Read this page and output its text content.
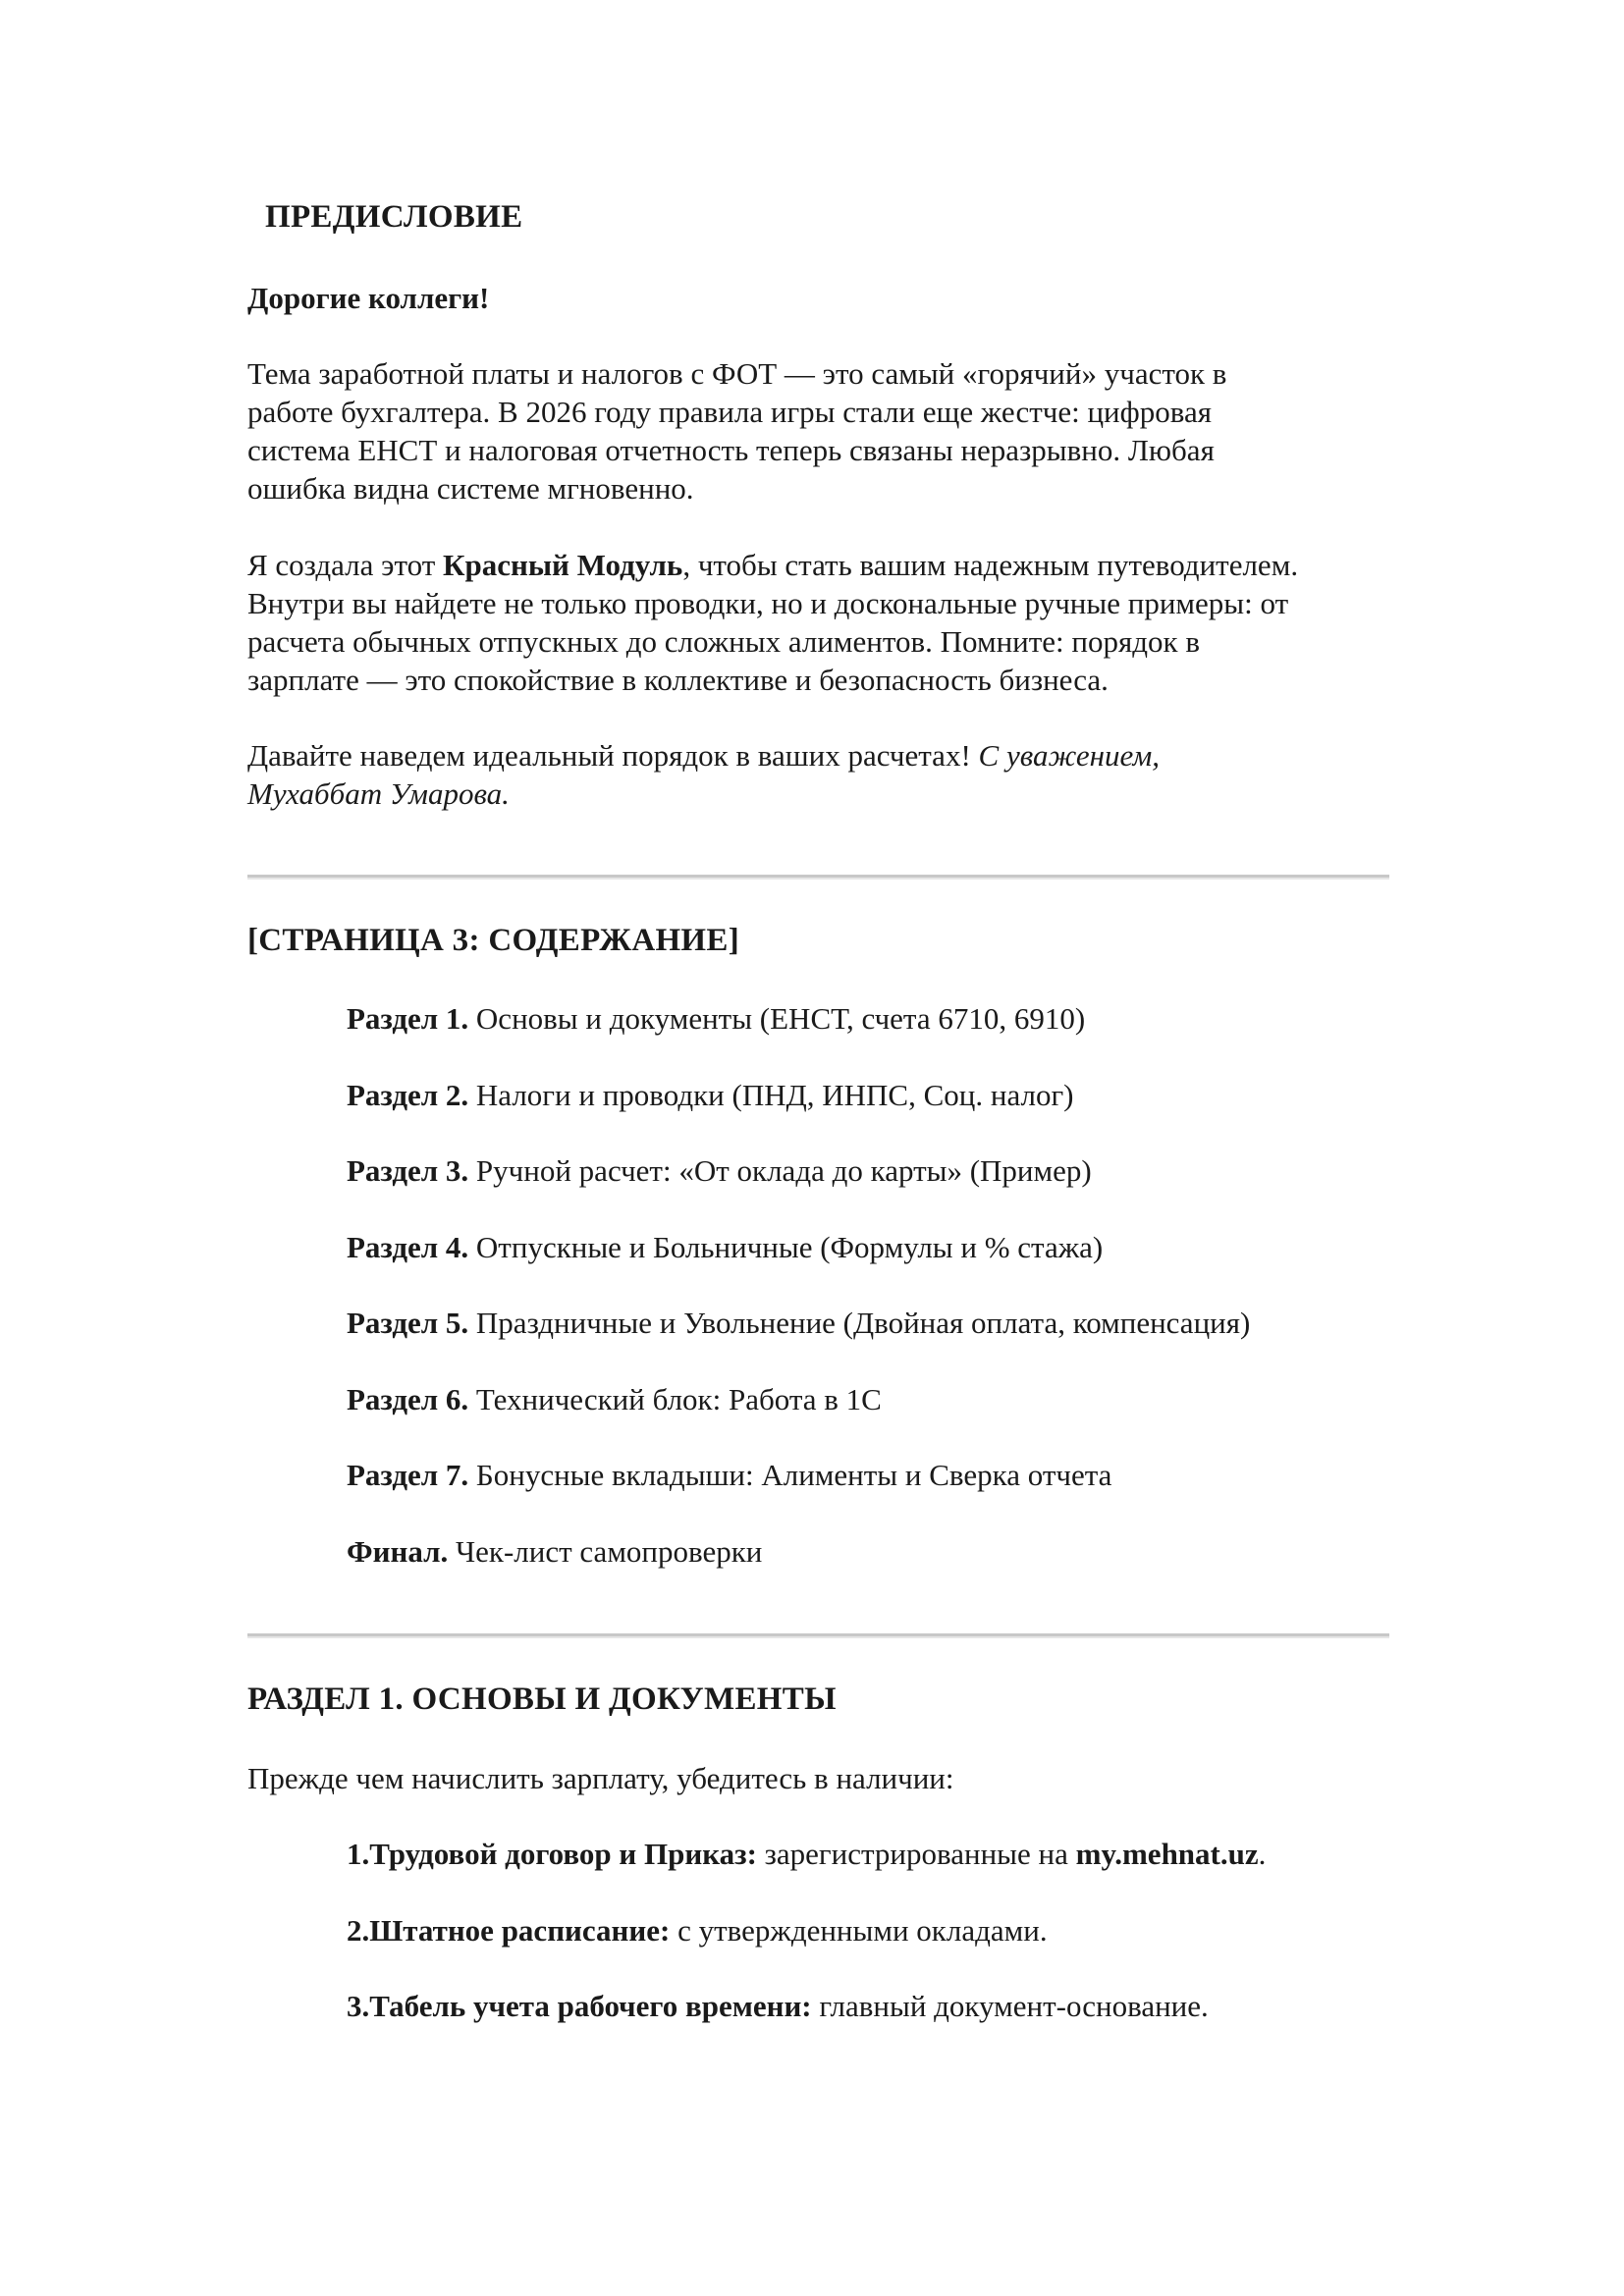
ПРЕДИСЛОВИЕ
Дорогие коллеги!
Тема заработной платы и налогов с ФОТ — это самый «горячий» участок в
работе бухгалтера. В 2026 году правила игры стали еще жестче: цифровая
система ЕНСТ и налоговая отчетность теперь связаны неразрывно. Любая
ошибка видна системе мгновенно.
Я создала этот Красный Модуль, чтобы стать вашим надежным путеводителем.
Внутри вы найдете не только проводки, но и доскональные ручные примеры: от
расчета обычных отпускных до сложных алиментов. Помните: порядок в
зарплате — это спокойствие в коллективе и безопасность бизнеса.
Давайте наведем идеальный порядок в ваших расчетах! С уважением,
Мухаббат Умарова.
[СТРАНИЦА 3: СОДЕРЖАНИЕ]
Раздел 1. Основы и документы (ЕНСТ, счета 6710, 6910)
Раздел 2. Налоги и проводки (ПНД, ИНПС, Соц. налог)
Раздел 3. Ручной расчет: «От оклада до карты» (Пример)
Раздел 4. Отпускные и Больничные (Формулы и % стажа)
Раздел 5. Праздничные и Увольнение (Двойная оплата, компенсация)
Раздел 6. Технический блок: Работа в 1С
Раздел 7. Бонусные вкладыши: Алименты и Сверка отчета
Финал. Чек-лист самопроверки
РАЗДЕЛ 1. ОСНОВЫ И ДОКУМЕНТЫ
Прежде чем начислить зарплату, убедитесь в наличии:
1.Трудовой договор и Приказ: зарегистрированные на my.mehnat.uz.
2.Штатное расписание: с утвержденными окладами.
3.Табель учета рабочего времени: главный документ-основание.
